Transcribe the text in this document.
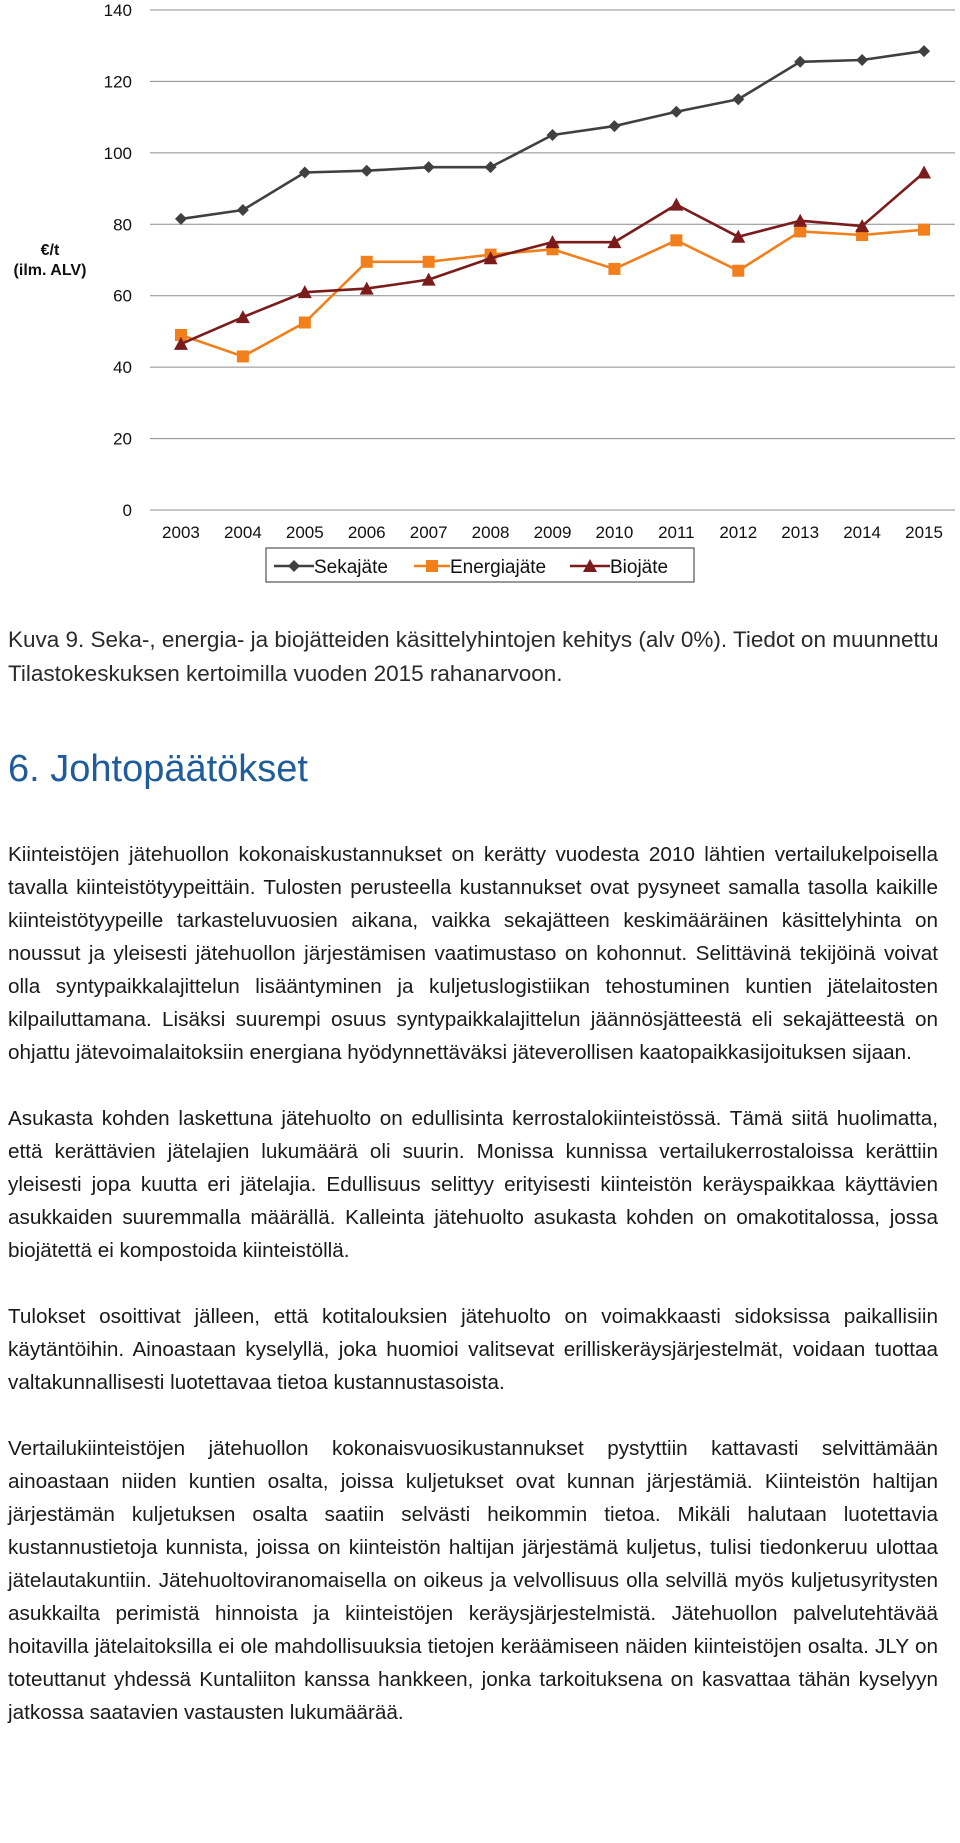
0
20
40
60
80
100
120
140
2003 2004 2005 2006 2007 2008 2009 2010 2011 2012 2013 2014 2015
€/t
(ilm. ALV)
Sekajäte	Energiajäte	Biojäte

Kuva 9. Seka-, energia- ja biojätteiden käsittelyhintojen kehitys (alv 0%). Tiedot on muunnettu Tilastokeskuksen kertoimilla vuoden 2015 rahanarvoon.

6. Johtopäätökset

Kiinteistöjen jätehuollon kokonaiskustannukset on kerätty vuodesta 2010 lähtien vertailukelpoisella tavalla kiinteistötyypeittäin. Tulosten perusteella kustannukset ovat pysyneet samalla tasolla kaikille kiinteistötyypeille tarkasteluvuosien aikana, vaikka sekajätteen keskimääräinen käsittelyhinta on noussut ja yleisesti jätehuollon järjestämisen vaatimustaso on kohonnut. Selittävinä tekijöinä voivat olla syntypaikkalajittelun lisääntyminen ja kuljetuslogistiikan tehostuminen kuntien jätelaitosten kilpailuttamana. Lisäksi suurempi osuus syntypaikkalajittelun jäännösjätteestä eli sekajätteestä on ohjattu jätevoimalaitoksiin energiana hyödynnettäväksi jäteverollisen kaatopaikkasijoituksen sijaan.

Asukasta kohden laskettuna jätehuolto on edullisinta kerrostalokiinteistössä. Tämä siitä huolimatta, että kerättävien jätelajien lukumäärä oli suurin. Monissa kunnissa vertailukerrostaloissa kerättiin yleisesti jopa kuutta eri jätelajia. Edullisuus selittyy erityisesti kiinteistön keräyspaikkaa käyttävien asukkaiden suuremmalla määrällä. Kalleinta jätehuolto asukasta kohden on omakotitalossa, jossa biojätettä ei kompostoida kiinteistöllä.

Tulokset osoittivat jälleen, että kotitalouksien jätehuolto on voimakkaasti sidoksissa paikallisiin käytäntöihin. Ainoastaan kyselyllä, joka huomioi valitsevat erilliskeräysjärjestelmät, voidaan tuottaa valtakunnallisesti luotettavaa tietoa kustannustasoista.

Vertailukiinteistöjen jätehuollon kokonaisvuosikustannukset pystyttiin kattavasti selvittämään ainoastaan niiden kuntien osalta, joissa kuljetukset ovat kunnan järjestämiä. Kiinteistön haltijan järjestämän kuljetuksen osalta saatiin selvästi heikommin tietoa. Mikäli halutaan luotettavia kustannustietoja kunnista, joissa on kiinteistön haltijan järjestämä kuljetus, tulisi tiedonkeruu ulottaa jätelautakuntiin. Jätehuoltoviranomaisella on oikeus ja velvollisuus olla selvillä myös kuljetusyritysten asukkailta perimistä hinnoista ja kiinteistöjen keräysjärjestelmistä. Jätehuollon palvelutehtävää hoitavilla jätelaitoksilla ei ole mahdollisuuksia tietojen keräämiseen näiden kiinteistöjen osalta. JLY on toteuttanut yhdessä Kuntaliiton kanssa hankkeen, jonka tarkoituksena on kasvattaa tähän kyselyyn jatkossa saatavien vastausten lukumäärää.
